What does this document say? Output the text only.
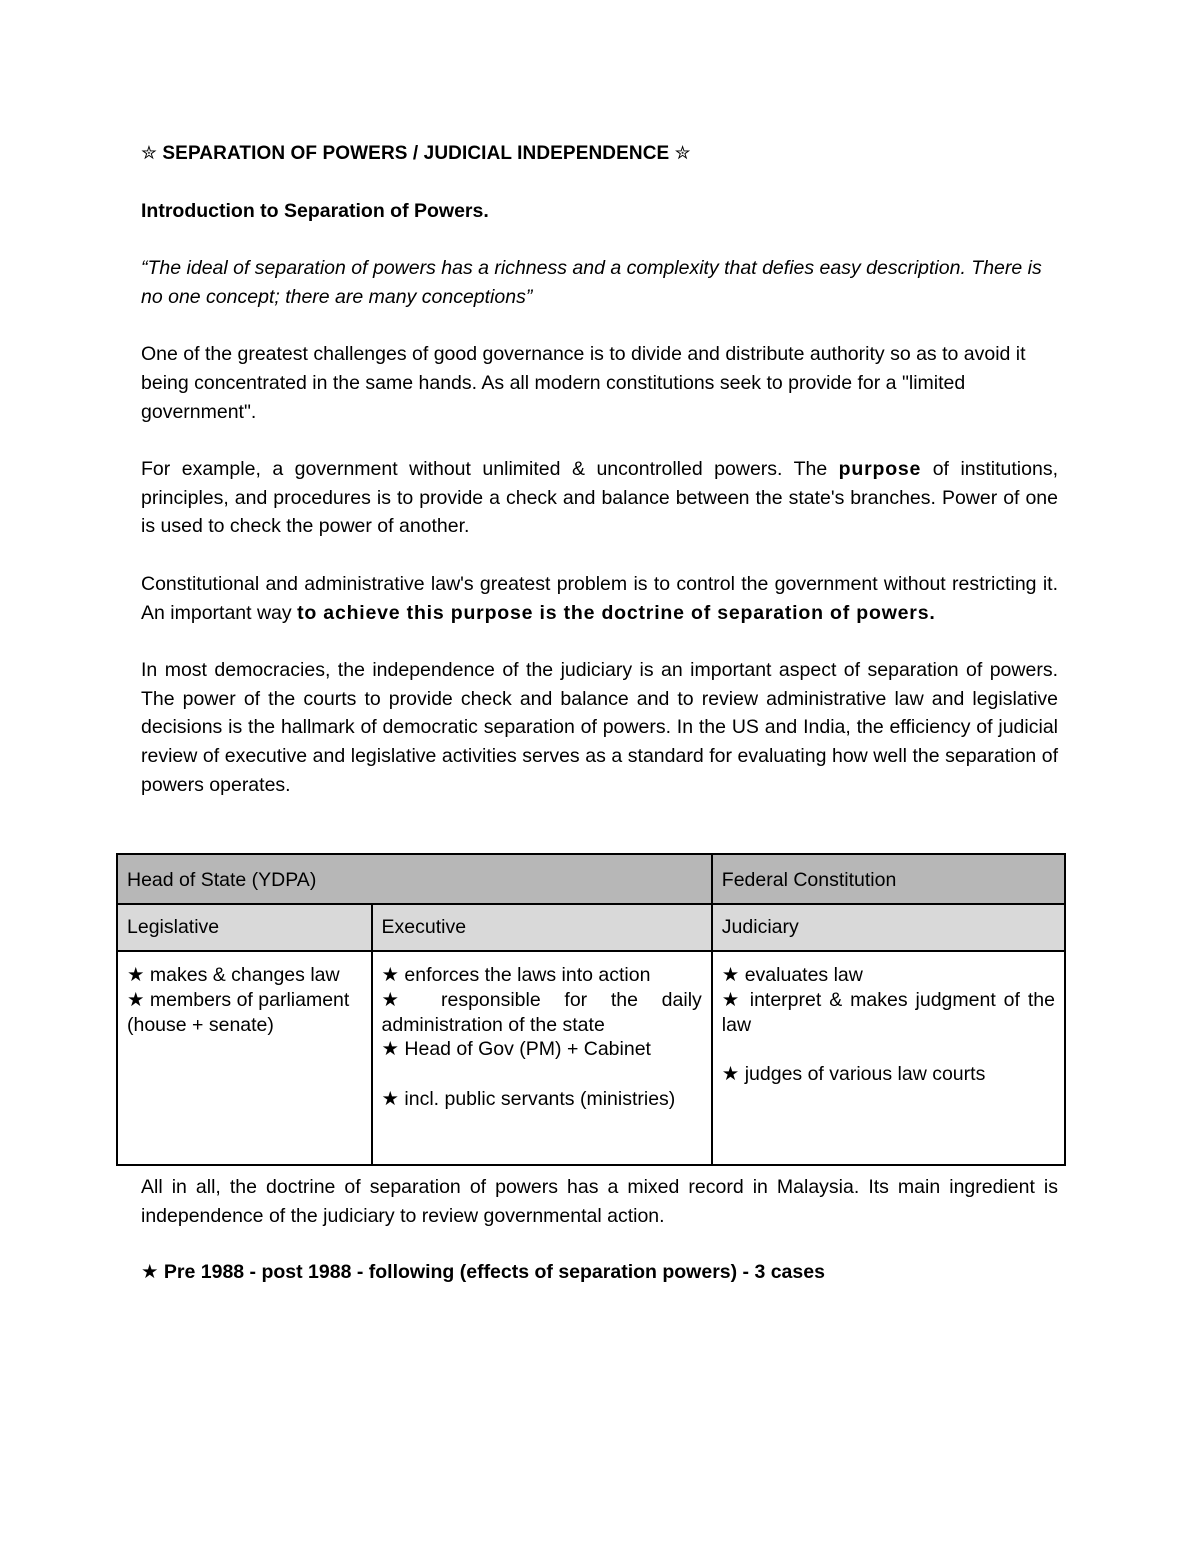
✮ SEPARATION OF POWERS / JUDICIAL INDEPENDENCE ✮
Introduction to Separation of Powers.
“The ideal of separation of powers has a richness and a complexity that defies easy description. There is no one concept; there are many conceptions”
One of the greatest challenges of good governance is to divide and distribute authority so as to avoid it being concentrated in the same hands. As all modern constitutions seek to provide for a "limited government".
For example, a government without unlimited & uncontrolled powers. The purpose of institutions, principles, and procedures is to provide a check and balance between the state's branches. Power of one is used to check the power of another.
Constitutional and administrative law's greatest problem is to control the government without restricting it. An important way to achieve this purpose is the doctrine of separation of powers.
In most democracies, the independence of the judiciary is an important aspect of separation of powers. The power of the courts to provide check and balance and to review administrative law and legislative decisions is the hallmark of democratic separation of powers. In the US and India, the efficiency of judicial review of executive and legislative activities serves as a standard for evaluating how well the separation of powers operates.
Head of State (YDPA)		Federal Constitution
Legislative	Executive	Judiciary

★ makes & changes law
★ members of parliament
(house + senate)	★ enforces the laws into action
★ responsible for the daily administration of the state
★ Head of Gov (PM) + Cabinet
★ incl. public servants (ministries)	★ evaluates law
★ interpret & makes judgment of the law
★ judges of various law courts
All in all, the doctrine of separation of powers has a mixed record in Malaysia. Its main ingredient is independence of the judiciary to review governmental action.
★ Pre 1988 - post 1988 - following (effects of separation powers) - 3 cases
